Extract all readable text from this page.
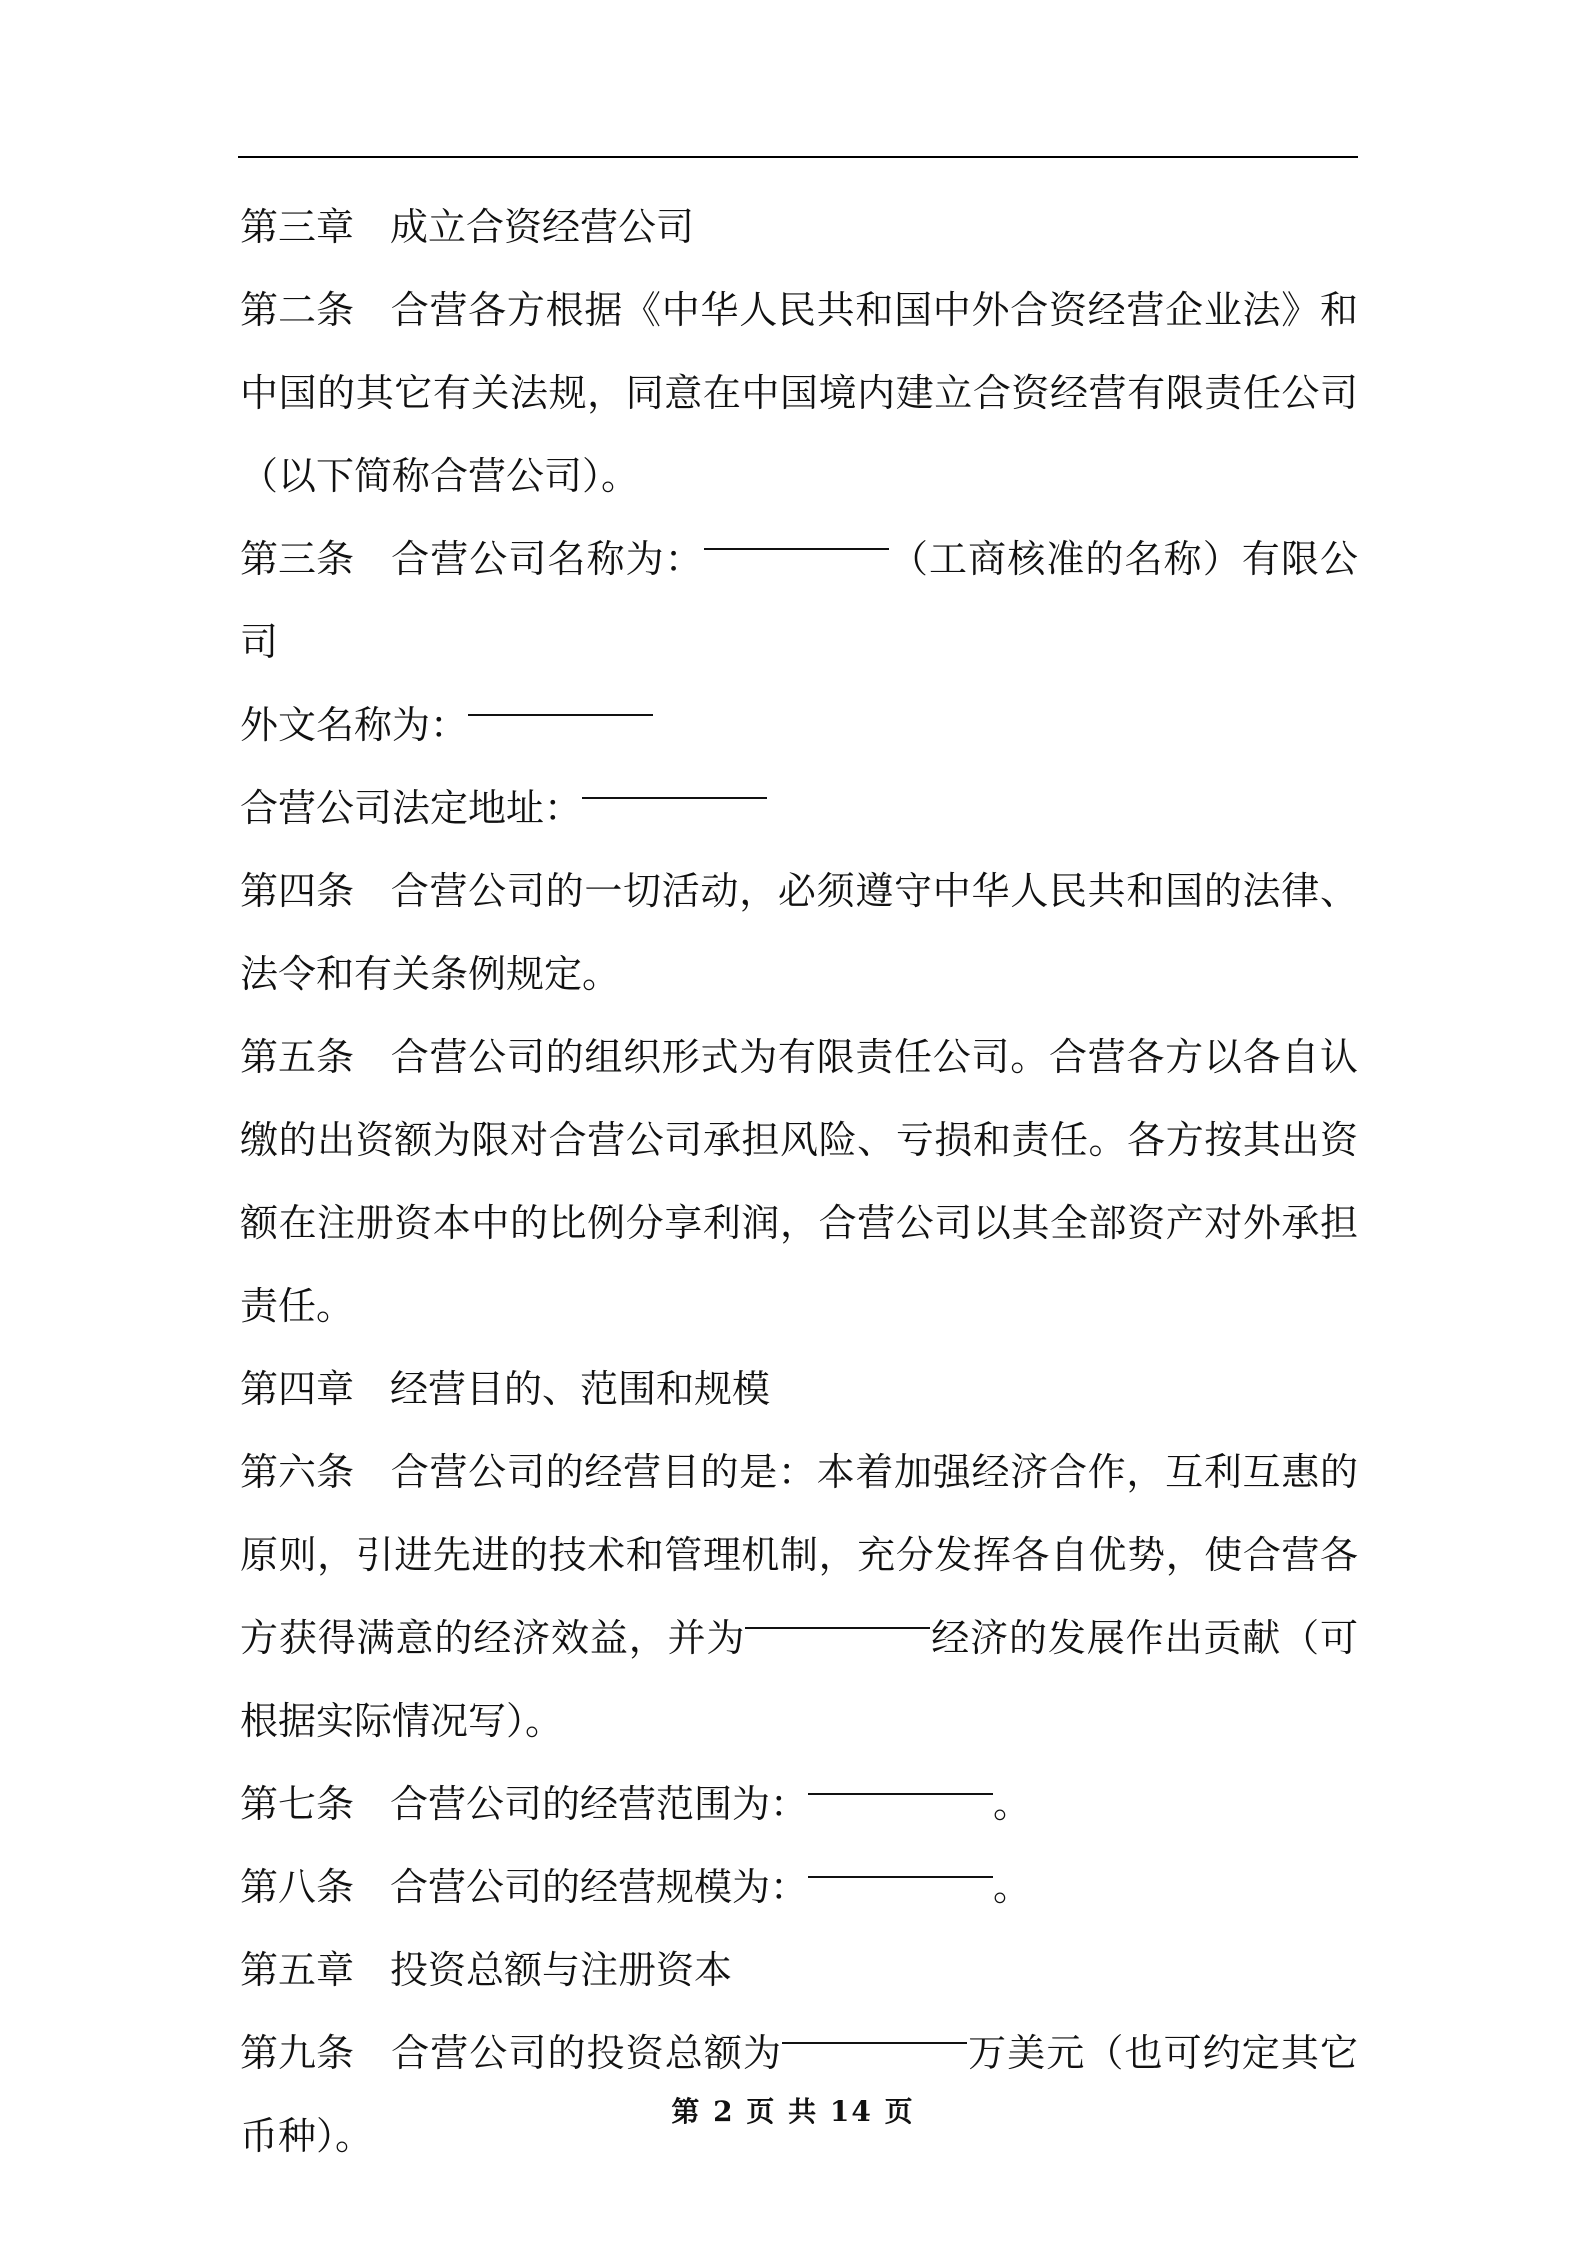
第三章 成立合资经营公司

第二条 合营各方根据《中华人民共和国中外合资经营企业法》和中国的其它有关法规，同意在中国境内建立合资经营有限责任公司（以下简称合营公司）。

第三条 合营公司名称为：	（工商核准的名称）有限公司

外文名称为：

合营公司法定地址：

第四条 合营公司的一切活动，必须遵守中华人民共和国的法律、法令和有关条例规定。

第五条 合营公司的组织形式为有限责任公司。合营各方以各自认缴的出资额为限对合营公司承担风险、亏损和责任。各方按其出资额在注册资本中的比例分享利润，合营公司以其全部资产对外承担责任。

第四章 经营目的、范围和规模

第六条 合营公司的经营目的是：本着加强经济合作，互利互惠的原则，引进先进的技术和管理机制，充分发挥各自优势，使合营各方获得满意的经济效益，并为	经济的发展作出贡献（可根据实际情况写）。

第七条 合营公司的经营范围为：	。

第八条 合营公司的经营规模为：	。

第五章 投资总额与注册资本

第九条 合营公司的投资总额为	万美元（也可约定其它币种）。

第 2 页 共 14 页
